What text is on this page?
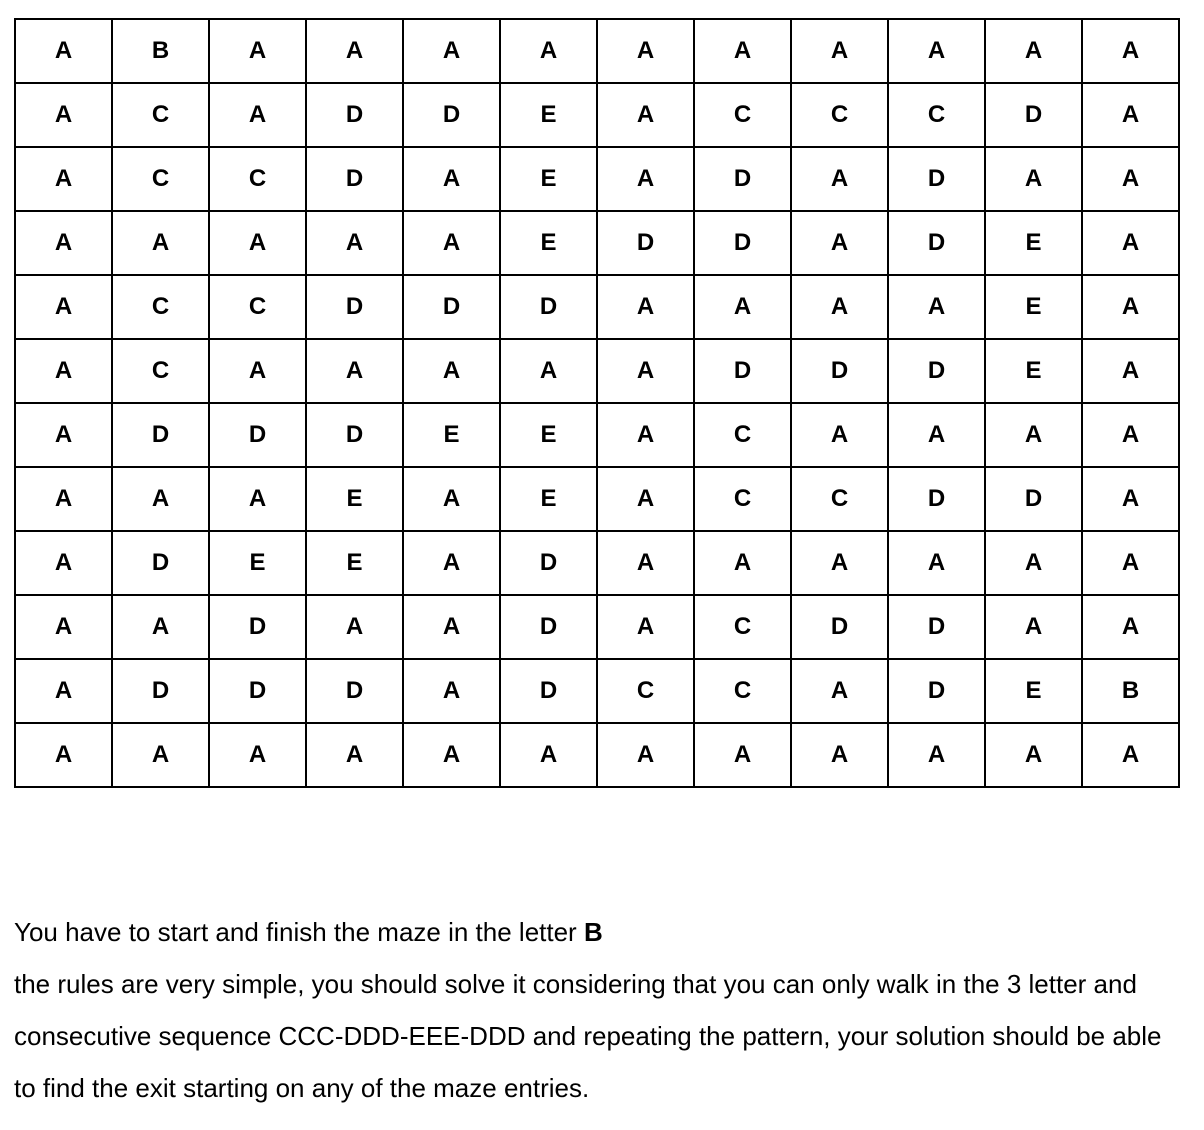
A	B	A	A	A	A	A	A	A	A	A	A
A	C	A	D	D	E	A	C	C	C	D	A
A	C	C	D	A	E	A	D	A	D	A	A
A	A	A	A	A	E	D	D	A	D	E	A
A	C	C	D	D	D	A	A	A	A	E	A
A	C	A	A	A	A	A	D	D	D	E	A
A	D	D	D	E	E	A	C	A	A	A	A
A	A	A	E	A	E	A	C	C	D	D	A
A	D	E	E	A	D	A	A	A	A	A	A
A	A	D	A	A	D	A	C	D	D	A	A
A	D	D	D	A	D	C	C	A	D	E	B
A	A	A	A	A	A	A	A	A	A	A	A

You have to start and finish the maze in the letter B

the rules are very simple, you should solve it considering that you can only walk in the 3 letter and consecutive sequence CCC-DDD-EEE-DDD and repeating the pattern, your solution should be able to find the exit starting on any of the maze entries.
